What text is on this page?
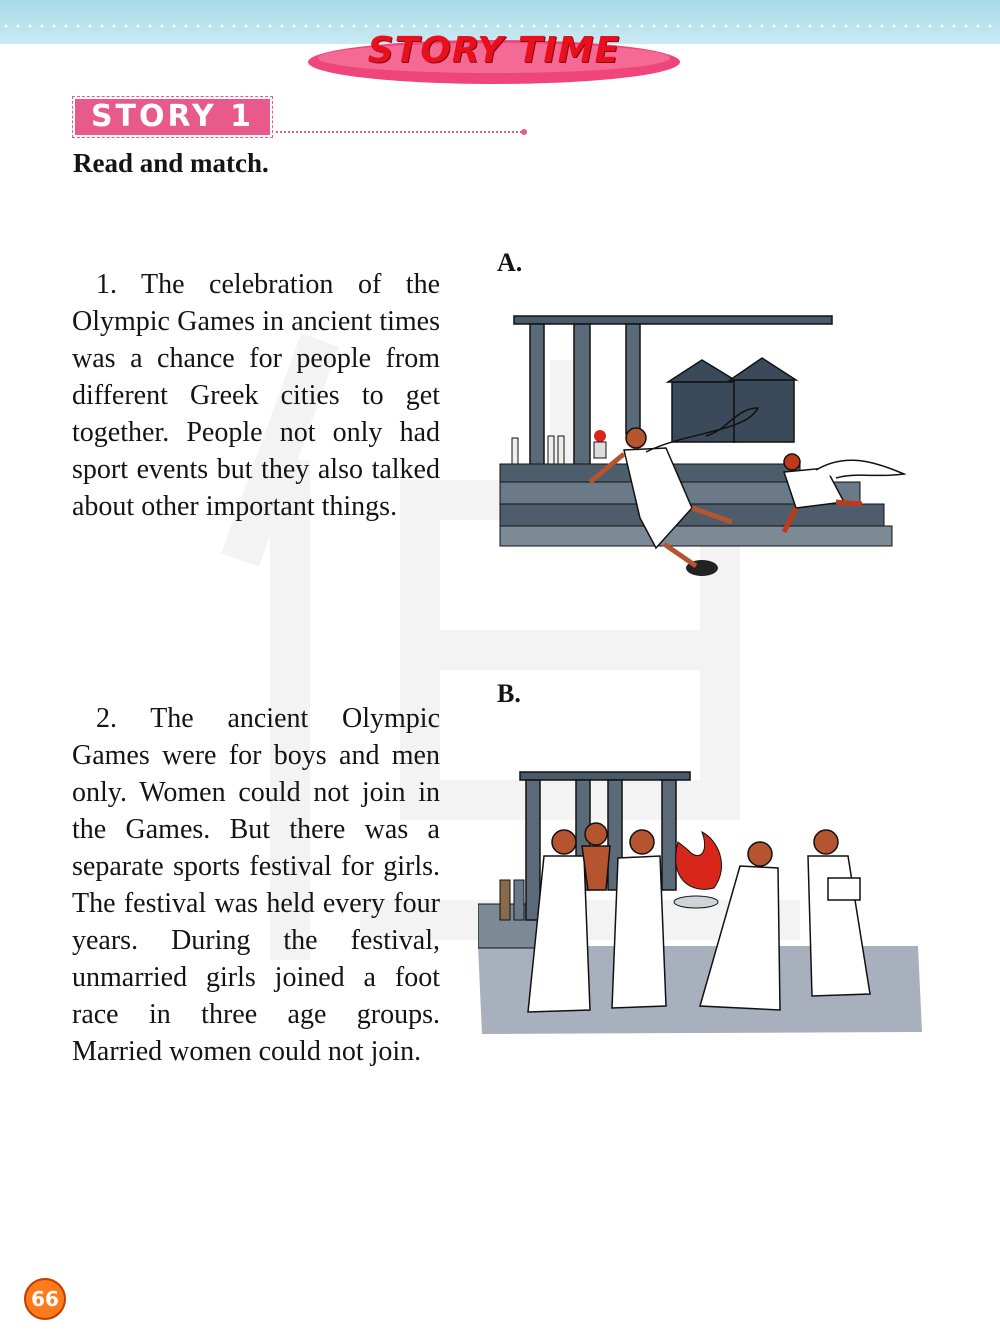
STORY TIME
STORY 1
Read and match.
1. The celebration of the Olympic Games in ancient times was a chance for people from different Greek cities to get together. People not only had sport events but they also talked about other important things.
2. The ancient Olympic Games were for boys and men only. Women could not join in the Games. But there was a separate sports festival for girls. The festival was held every four years. During the festival, unmarried girls joined a foot race in three age groups. Married women could not join.
A.
B.
66
